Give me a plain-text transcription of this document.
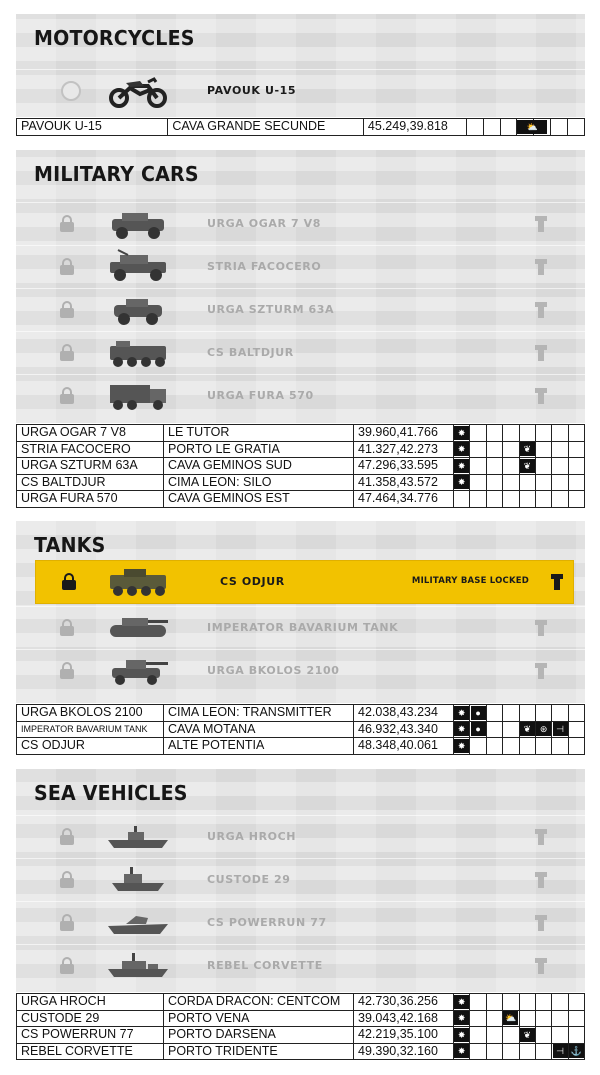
MOTORCYCLES
PAVOUK U-15
PAVOUK U-15	CAVA GRANDE SECUNDE	45.249,39.818				⛅			
MILITARY CARS
URGA OGAR 7 V8
STRIA FACOCERO
URGA SZTURM 63A
CS BALTDJUR
URGA FURA 570
URGA OGAR 7 V8	LE TUTOR	39.960,41.766	✸							
STRIA FACOCERO	PORTO LE GRATIA	41.327,42.273	✸				❦			
URGA SZTURM 63A	CAVA GEMINOS SUD	47.296,33.595	✸				❦			
CS BALTDJUR	CIMA LEON: SILO	41.358,43.572	✸							
URGA FURA 570	CAVA GEMINOS EST	47.464,34.776								
TANKS
CS ODJUR	MILITARY BASE LOCKED
IMPERATOR BAVARIUM TANK
URGA BKOLOS 2100
URGA BKOLOS 2100	CIMA LEON: TRANSMITTER	42.038,43.234	✸	●						
IMPERATOR BAVARIUM TANK	CAVA MOTANA	46.932,43.340	✸	●			❦	⊛	⊣	
CS ODJUR	ALTE POTENTIA	48.348,40.061	✸							
SEA VEHICLES
URGA HROCH
CUSTODE 29
CS POWERRUN 77
REBEL CORVETTE
URGA HROCH	CORDA DRACON: CENTCOM	42.730,36.256	✸							
CUSTODE 29	PORTO VENA	39.043,42.168	✸			⛅				
CS POWERRUN 77	PORTO DARSENA	42.219,35.100	✸				❦			
REBEL CORVETTE	PORTO TRIDENTE	49.390,32.160	✸						⊣	⚓
